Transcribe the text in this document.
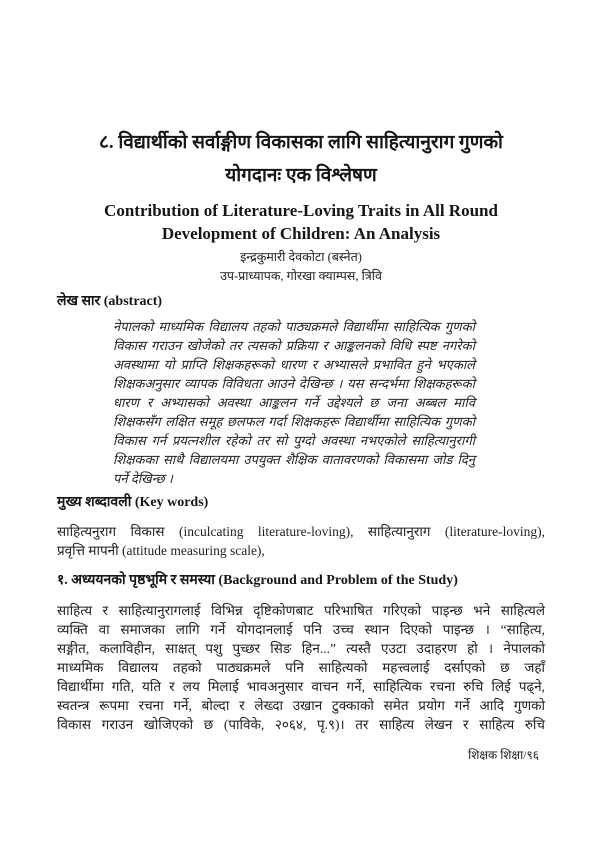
८. विद्यार्थीको सर्वाङ्गीण विकासका लागि साहित्यानुराग गुणको
योगदानः एक विश्लेषण
Contribution of Literature-Loving Traits in All Round
Development of Children: An Analysis
इन्द्रकुमारी देवकोटा (बस्नेत)
उप-प्राध्यापक, गोरखा क्याम्पस, त्रिवि
लेख सार (abstract)
नेपालको माध्यमिक विद्यालय तहको पाठ्यक्रमले विद्यार्थीमा साहित्यिक गुणको
विकास गराउन खोजेको तर त्यसको प्रक्रिया र आङ्कलनको विधि स्पष्ट नगरेको
अवस्थामा यो प्राप्ति शिक्षकहरूको धारण र अभ्यासले प्रभावित हुने भएकाले
शिक्षकअनुसार व्यापक विविधता आउने देखिन्छ । यस सन्दर्भमा शिक्षकहरूको
धारण र अभ्यासको अवस्था आङ्कलन गर्ने उद्देश्यले छ जना अब्बल मावि
शिक्षकसँग लक्षित समूह छलफल गर्दा शिक्षकहरू विद्यार्थीमा साहित्यिक गुणको
विकास गर्न प्रयत्नशील रहेको तर सो पुग्दो अवस्था नभएकोले साहित्यानुरागी
शिक्षकका साथै विद्यालयमा उपयुक्त शैक्षिक वातावरणको विकासमा जोड दिनु
पर्ने देखिन्छ ।
मुख्य शब्दावली (Key words)
साहित्यनुराग विकास (inculcating literature-loving), साहित्यानुराग (literature-loving),
प्रवृत्ति मापनी (attitude measuring scale),
१. अध्ययनको पृष्ठभूमि र समस्या (Background and Problem of the Study)
साहित्य र साहित्यानुरागलाई विभिन्न दृष्टिकोणबाट परिभाषित गरिएको पाइन्छ भने साहित्यले
व्यक्ति वा समाजका लागि गर्ने योगदानलाई पनि उच्च स्थान दिएको पाइन्छ । “साहित्य,
सङ्गीत, कलाविहीन, साक्षत् पशु पुच्छर सिङ हिन...” त्यस्तै एउटा उदाहरण हो । नेपालको
माध्यमिक विद्यालय तहको पाठ्यक्रमले पनि साहित्यको महत्त्वलाई दर्साएको छ जहाँ
विद्यार्थीमा गति, यति र लय मिलाई भावअनुसार वाचन गर्ने, साहित्यिक रचना रुचि लिई पढ्ने,
स्वतन्त्र रूपमा रचना गर्ने, बोल्दा र लेख्दा उखान टुक्काको समेत प्रयोग गर्ने आदि गुणको
विकास गराउन खोजिएको छ (पाविके, २०६४, पृ.९)। तर साहित्य लेखन र साहित्य रुचि
शिक्षक शिक्षा/९६
